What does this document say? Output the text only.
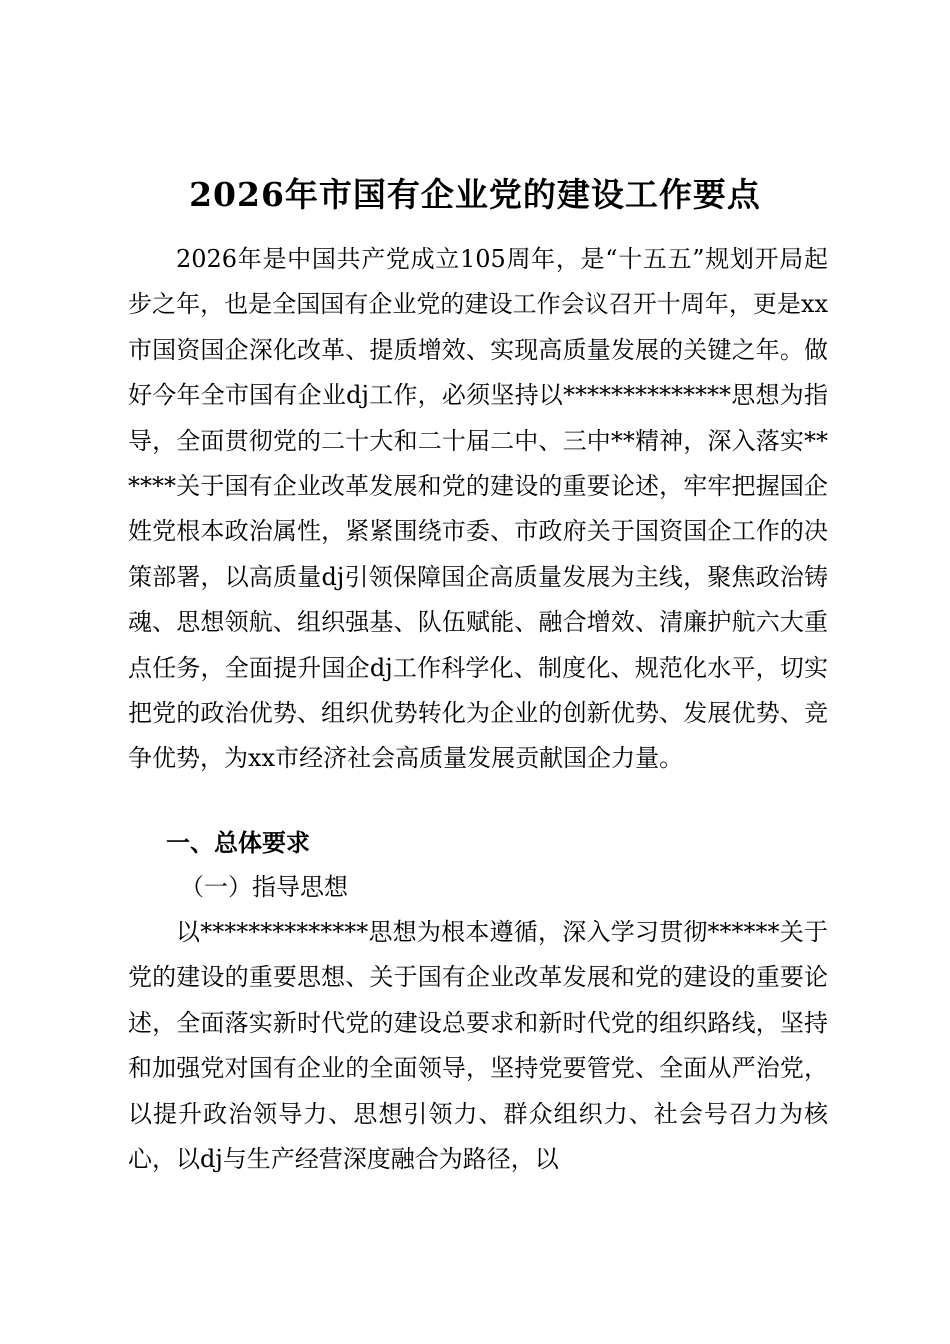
2026年市国有企业党的建设工作要点
2026年是中国共产党成立105周年，是“十五五”规划开局起步之年，也是全国国有企业党的建设工作会议召开十周年，更是xx市国资国企深化改革、提质增效、实现高质量发展的关键之年。做好今年全市国有企业dj工作，必须坚持以**************思想为指导，全面贯彻党的二十大和二十届二中、三中**精神，深入落实******关于国有企业改革发展和党的建设的重要论述，牢牢把握国企姓党根本政治属性，紧紧围绕市委、市政府关于国资国企工作的决策部署，以高质量dj引领保障国企高质量发展为主线，聚焦政治铸魂、思想领航、组织强基、队伍赋能、融合增效、清廉护航六大重点任务，全面提升国企dj工作科学化、制度化、规范化水平，切实把党的政治优势、组织优势转化为企业的创新优势、发展优势、竞争优势，为xx市经济社会高质量发展贡献国企力量。
一、总体要求
（一）指导思想
以**************思想为根本遵循，深入学习贯彻******关于党的建设的重要思想、关于国有企业改革发展和党的建设的重要论述，全面落实新时代党的建设总要求和新时代党的组织路线，坚持和加强党对国有企业的全面领导，坚持党要管党、全面从严治党，以提升政治领导力、思想引领力、群众组织力、社会号召力为核心，以dj与生产经营深度融合为路径，以
